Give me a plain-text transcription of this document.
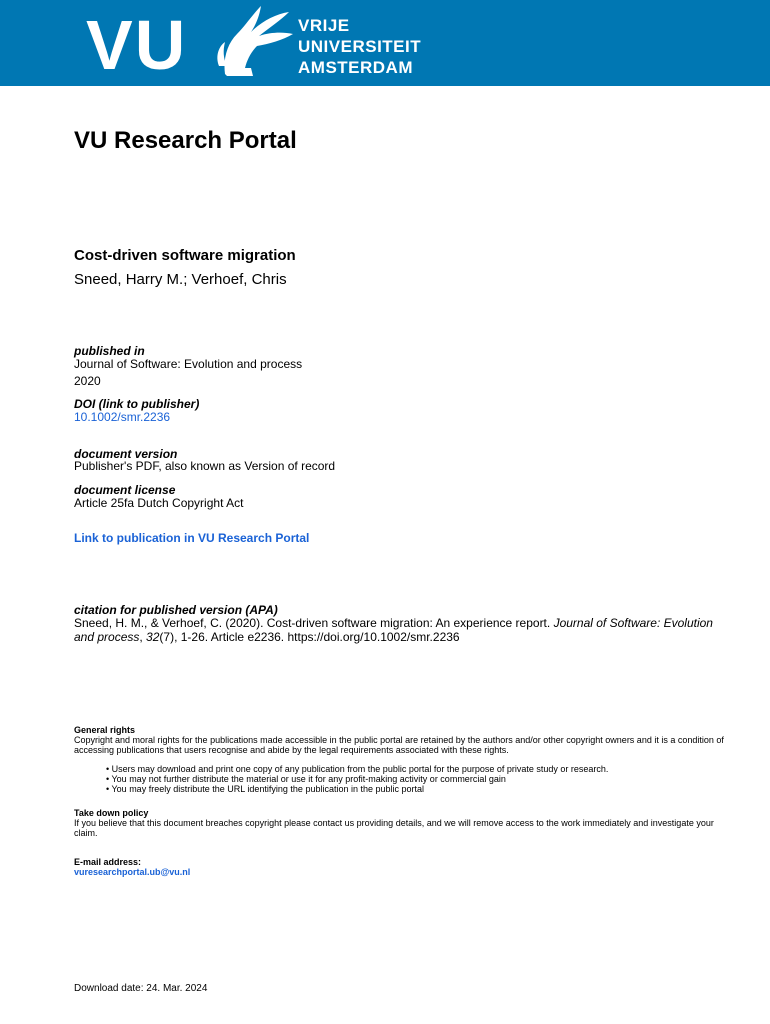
VU	VRIJE
UNIVERSITEIT
AMSTERDAM
VU Research Portal
Cost-driven software migration
Sneed, Harry M.; Verhoef, Chris
published in
Journal of Software: Evolution and process
2020
DOI (link to publisher)
10.1002/smr.2236
document version
Publisher's PDF, also known as Version of record
document license
Article 25fa Dutch Copyright Act
Link to publication in VU Research Portal
citation for published version (APA)
Sneed, H. M., & Verhoef, C. (2020). Cost-driven software migration: An experience report. Journal of Software: Evolution and process, 32(7), 1-26. Article e2236. https://doi.org/10.1002/smr.2236
General rights
Copyright and moral rights for the publications made accessible in the public portal are retained by the authors and/or other copyright owners and it is a condition of accessing publications that users recognise and abide by the legal requirements associated with these rights.
• Users may download and print one copy of any publication from the public portal for the purpose of private study or research.
• You may not further distribute the material or use it for any profit-making activity or commercial gain
• You may freely distribute the URL identifying the publication in the public portal
Take down policy
If you believe that this document breaches copyright please contact us providing details, and we will remove access to the work immediately and investigate your claim.
E-mail address:
vuresearchportal.ub@vu.nl
Download date: 24. Mar. 2024
